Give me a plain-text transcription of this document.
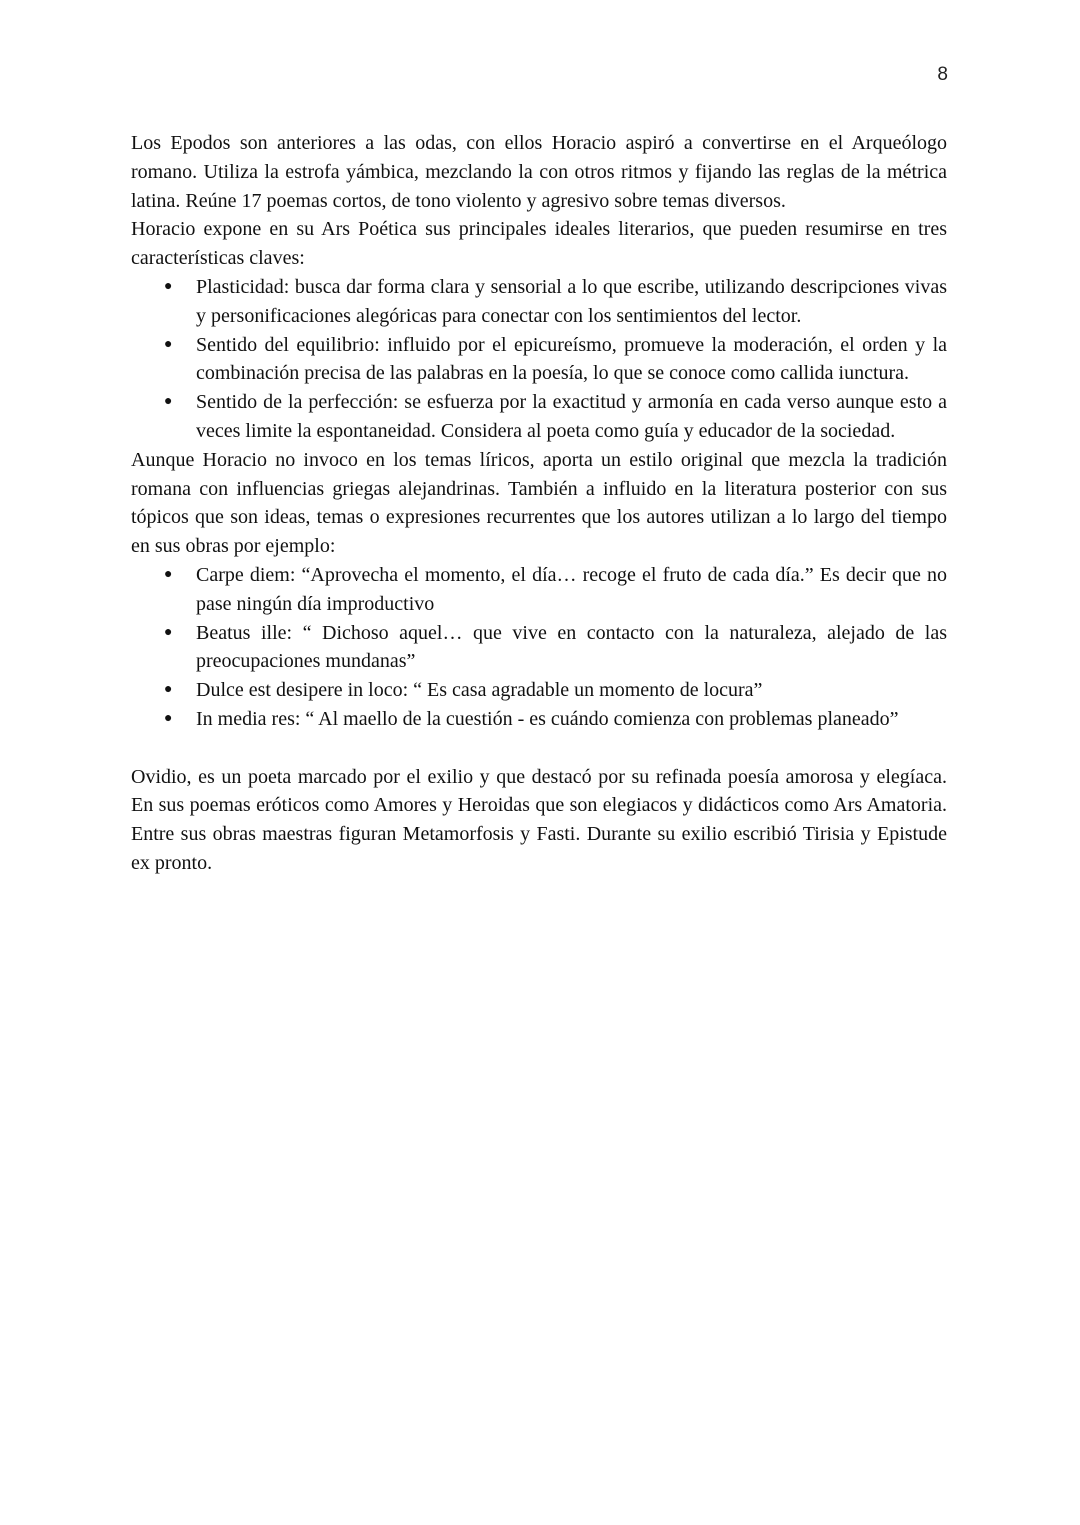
8

Los Epodos son anteriores a las odas, con ellos Horacio aspiró a convertirse en el Arqueólogo romano. Utiliza la estrofa yámbica, mezclando la con otros ritmos y fijando las reglas de la métrica latina. Reúne 17 poemas cortos, de tono violento y agresivo sobre temas diversos.

Horacio expone en su Ars Poética sus principales ideales literarios, que pueden resumirse en tres características claves:

● Plasticidad: busca dar forma clara y sensorial a lo que escribe, utilizando descripciones vivas y personificaciones alegóricas para conectar con los sentimientos del lector.
● Sentido del equilibrio: influido por el epicureísmo, promueve la moderación, el orden y la combinación precisa de las palabras en la poesía, lo que se conoce como callida iunctura.
● Sentido de la perfección: se esfuerza por la exactitud y armonía en cada verso aunque esto a veces limite la espontaneidad. Considera al poeta como guía y educador de la sociedad.

Aunque Horacio no invoco en los temas líricos, aporta un estilo original que mezcla la tradición romana con influencias griegas alejandrinas. También a influido en la literatura posterior con sus tópicos que son ideas, temas o expresiones recurrentes que los autores utilizan a lo largo del tiempo en sus obras por ejemplo:

● Carpe diem: “Aprovecha el momento, el día… recoge el fruto de cada día.” Es decir que no pase ningún día improductivo
● Beatus ille: “ Dichoso aquel… que vive en contacto con la naturaleza, alejado de las preocupaciones mundanas”
● Dulce est desipere in loco: “ Es casa agradable un momento de locura”
● In media res: “ Al maello de la cuestión - es cuándo comienza con problemas planeado”

Ovidio, es un poeta marcado por el exilio y que destacó por su refinada poesía amorosa y elegíaca. En sus poemas eróticos como Amores y Heroidas que son elegiacos y didácticos como Ars Amatoria. Entre sus obras maestras figuran Metamorfosis y Fasti. Durante su exilio escribió Tirisia y Epistude ex pronto.
